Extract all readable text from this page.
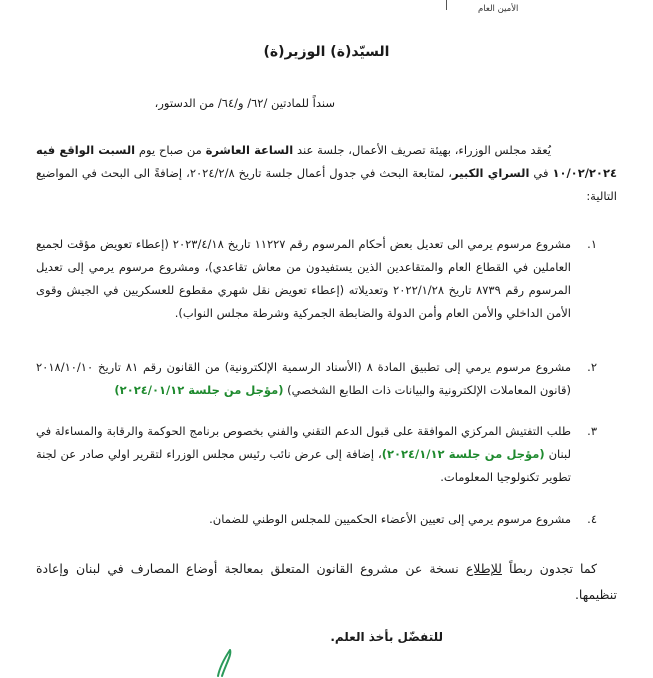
الأمين العام
السيّد(ة) الوزير(ة)
سنداً للمادتين /٦٢/ و/٦٤/ من الدستور،
يُعقد مجلس الوزراء، بهيئة تصريف الأعمال، جلسة عند الساعة العاشرة من صباح يوم السبت الواقع فيه ١٠/٠٢/٢٠٢٤ في السراي الكبير، لمتابعة البحث في جدول أعمال جلسة تاريخ ٢٠٢٤/٢/٨، إضافةً الى البحث في المواضيع التالية:
١.
مشروع مرسوم يرمي الى تعديل بعض أحكام المرسوم رقم ١١٢٢٧ تاريخ ٢٠٢٣/٤/١٨ (إعطاء تعويض مؤقت لجميع العاملين في القطاع العام والمتقاعدين الذين يستفيدون من معاش تقاعدي)، ومشروع مرسوم يرمي إلى تعديل المرسوم رقم ٨٧٣٩ تاريخ ٢٠٢٢/١/٢٨ وتعديلاته (إعطاء تعويض نقل شهري مقطوع للعسكريين في الجيش وقوى الأمن الداخلي والأمن العام وأمن الدولة والضابطة الجمركية وشرطة مجلس النواب).
٢.
مشروع مرسوم يرمي إلى تطبيق المادة ٨ (الأسناد الرسمية الإلكترونية) من القانون رقم ٨١ تاريخ ٢٠١٨/١٠/١٠ (قانون المعاملات الإلكترونية والبيانات ذات الطابع الشخصي) (مؤجل من جلسة ٢٠٢٤/٠١/١٢)
٣.
طلب التفتيش المركزي الموافقة على قبول الدعم التقني والفني بخصوص برنامج الحوكمة والرقابة والمساءلة في لبنان (مؤجل من جلسة ٢٠٢٤/١/١٢)، إضافة إلى عرض نائب رئيس مجلس الوزراء لتقرير اولي صادر عن لجنة تطوير تكنولوجيا المعلومات.
٤.
مشروع مرسوم يرمي إلى تعيين الأعضاء الحكميين للمجلس الوطني للضمان.
كما تجدون ربطاً للإطلاع نسخة عن مشروع القانون المتعلق بمعالجة أوضاع المصارف في لبنان وإعادة تنظيمها.
للتفضّل بأخذ العلم.
